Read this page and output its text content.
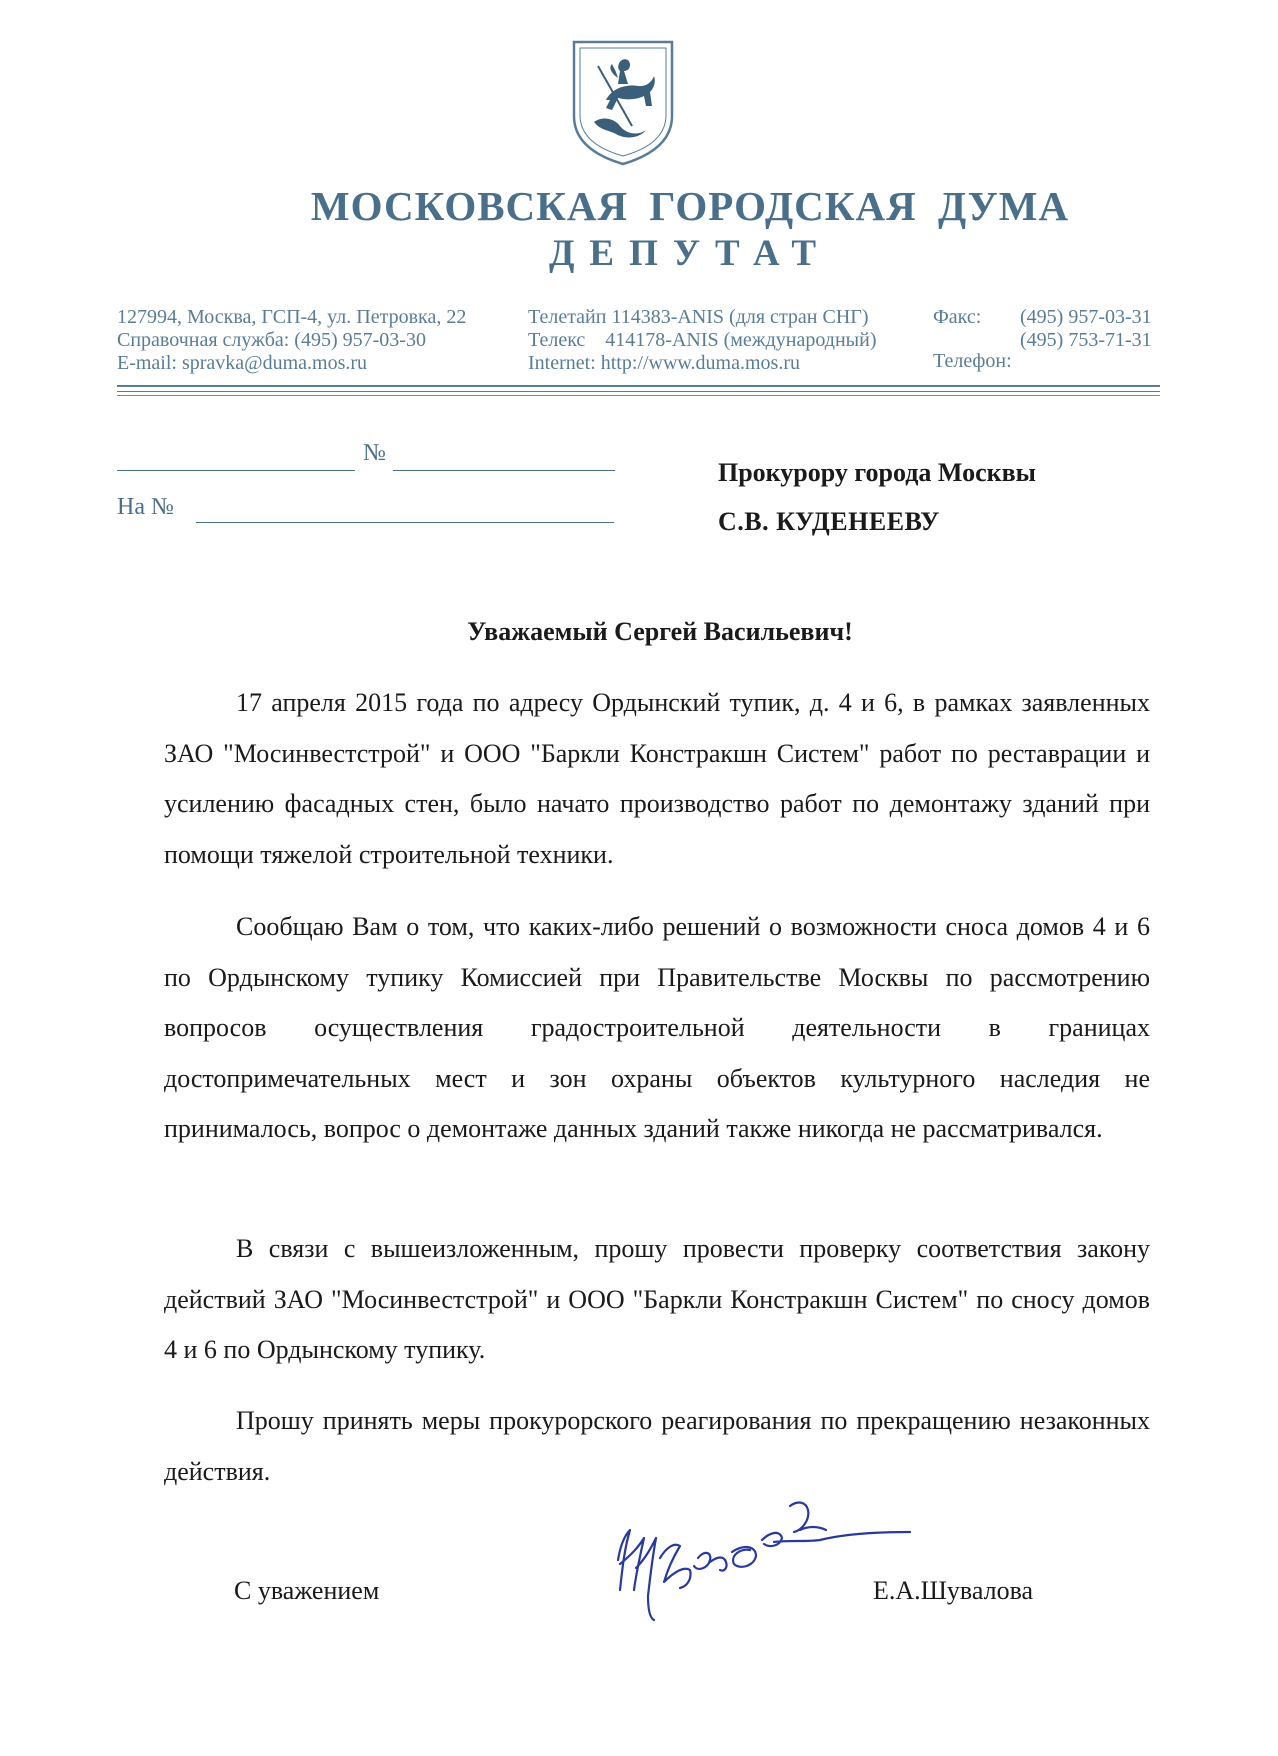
МОСКОВСКАЯ ГОРОДСКАЯ ДУМА
ДЕПУТАТ
127994, Москва, ГСП-4, ул. Петровка, 22
Справочная служба: (495) 957-03-30
E-mail: spravka@duma.mos.ru
Телетайп 114383-ANIS (для стран СНГ)
Телекс    414178-ANIS (международный)
Internet: http://www.duma.mos.ru
Факс: (495) 957-03-31
(495) 753-71-31
Телефон:
№
На №
Прокурору города Москвы
С.В. КУДЕНЕЕВУ
Уважаемый Сергей Васильевич!
17 апреля 2015 года по адресу Ордынский тупик, д. 4 и 6, в рамках заявленных ЗАО "Мосинвестстрой" и ООО "Баркли Констракшн Систем" работ по реставрации и усилению фасадных стен, было начато производство работ по демонтажу зданий при помощи тяжелой строительной техники.
Сообщаю Вам о том, что каких-либо решений о возможности сноса домов 4 и 6 по Ордынскому тупику Комиссией при Правительстве Москвы по рассмотрению вопросов осуществления градостроительной деятельности в границах достопримечательных мест и зон охраны объектов культурного наследия не принималось, вопрос о демонтаже данных зданий также никогда не рассматривался.
В связи с вышеизложенным, прошу провести проверку соответствия закону действий ЗАО "Мосинвестстрой" и ООО "Баркли Констракшн Систем" по сносу домов 4 и 6 по Ордынскому тупику.
Прошу принять меры прокурорского реагирования по прекращению незаконных действия.
С уважением	Е.А.Шувалова
